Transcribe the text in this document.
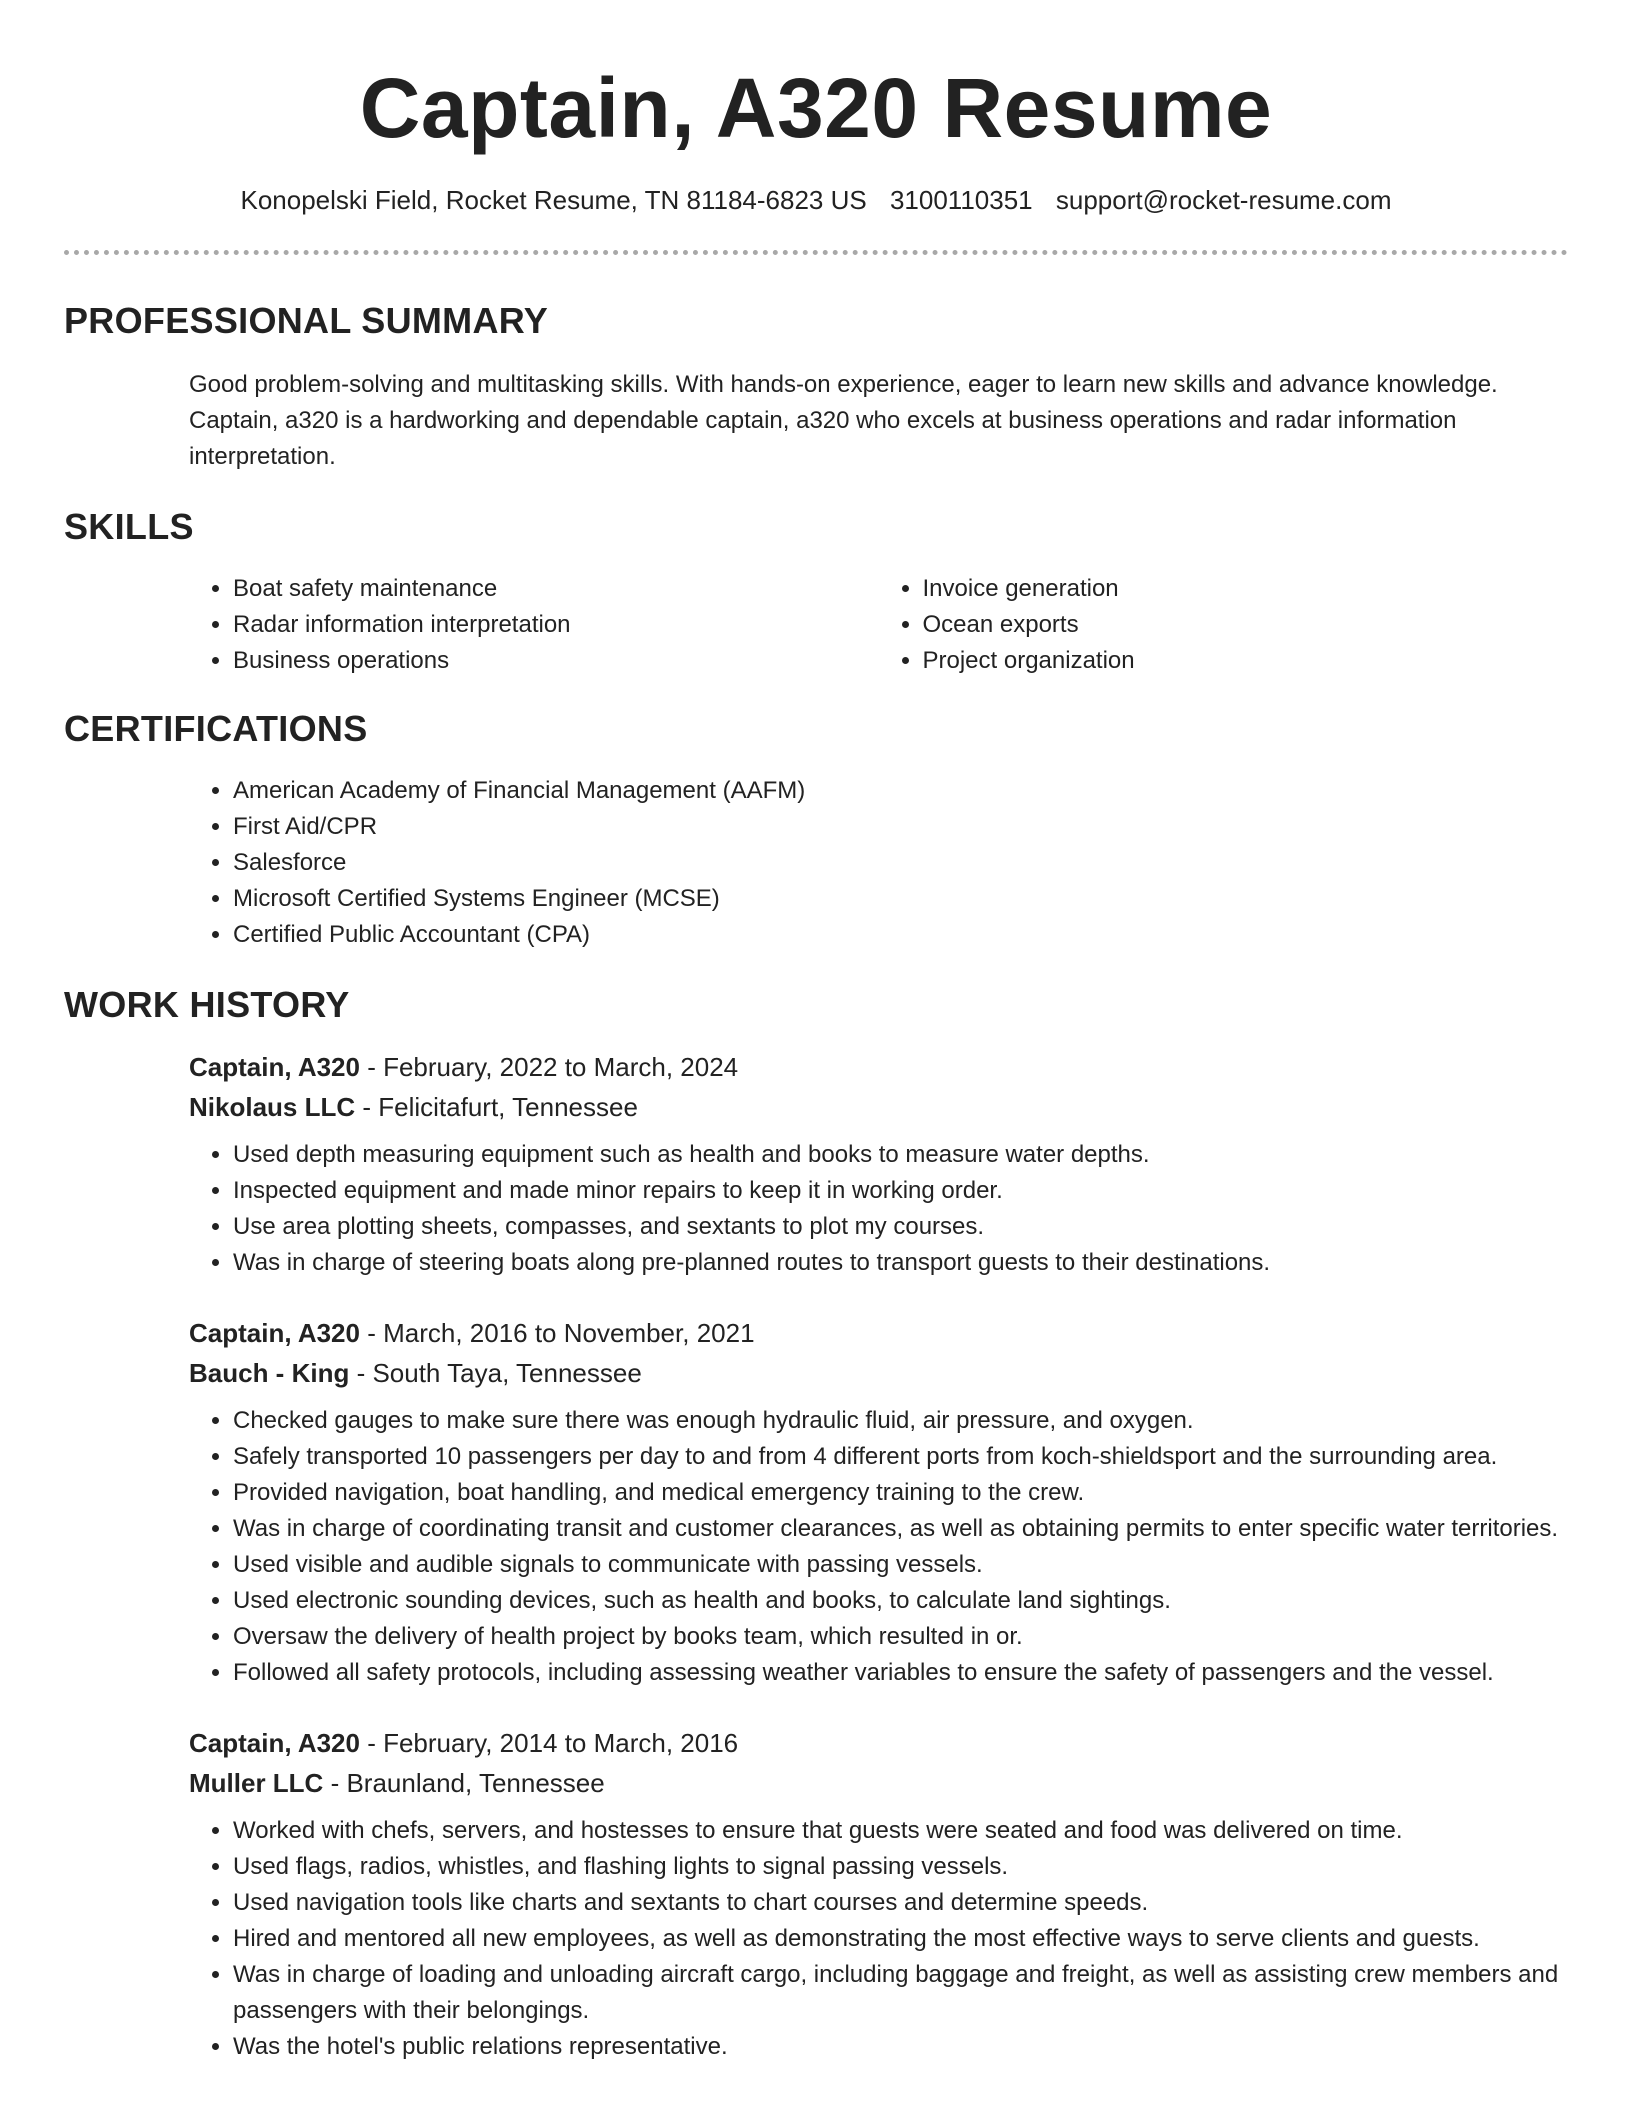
Captain, A320 Resume
Konopelski Field, Rocket Resume, TN 81184-6823 US 3100110351 support@rocket-resume.com
PROFESSIONAL SUMMARY
Good problem-solving and multitasking skills. With hands-on experience, eager to learn new skills and advance knowledge. Captain, a320 is a hardworking and dependable captain, a320 who excels at business operations and radar information interpretation.
SKILLS
• Boat safety maintenance
• Radar information interpretation
• Business operations
• Invoice generation
• Ocean exports
• Project organization
CERTIFICATIONS
• American Academy of Financial Management (AAFM)
• First Aid/CPR
• Salesforce
• Microsoft Certified Systems Engineer (MCSE)
• Certified Public Accountant (CPA)
WORK HISTORY
Captain, A320 - February, 2022 to March, 2024
Nikolaus LLC - Felicitafurt, Tennessee
• Used depth measuring equipment such as health and books to measure water depths.
• Inspected equipment and made minor repairs to keep it in working order.
• Use area plotting sheets, compasses, and sextants to plot my courses.
• Was in charge of steering boats along pre-planned routes to transport guests to their destinations.
Captain, A320 - March, 2016 to November, 2021
Bauch - King - South Taya, Tennessee
• Checked gauges to make sure there was enough hydraulic fluid, air pressure, and oxygen.
• Safely transported 10 passengers per day to and from 4 different ports from koch-shieldsport and the surrounding area.
• Provided navigation, boat handling, and medical emergency training to the crew.
• Was in charge of coordinating transit and customer clearances, as well as obtaining permits to enter specific water territories.
• Used visible and audible signals to communicate with passing vessels.
• Used electronic sounding devices, such as health and books, to calculate land sightings.
• Oversaw the delivery of health project by books team, which resulted in or.
• Followed all safety protocols, including assessing weather variables to ensure the safety of passengers and the vessel.
Captain, A320 - February, 2014 to March, 2016
Muller LLC - Braunland, Tennessee
• Worked with chefs, servers, and hostesses to ensure that guests were seated and food was delivered on time.
• Used flags, radios, whistles, and flashing lights to signal passing vessels.
• Used navigation tools like charts and sextants to chart courses and determine speeds.
• Hired and mentored all new employees, as well as demonstrating the most effective ways to serve clients and guests.
• Was in charge of loading and unloading aircraft cargo, including baggage and freight, as well as assisting crew members and passengers with their belongings.
• Was the hotel's public relations representative.
